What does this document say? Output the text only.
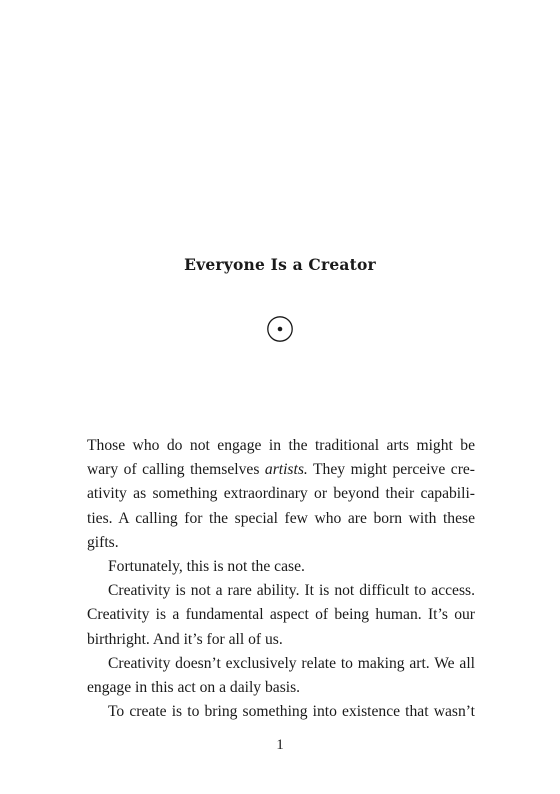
Everyone Is a Creator

Those who do not engage in the traditional arts might be
wary of calling themselves artists. They might perceive cre-
ativity as something extraordinary or beyond their capabili-
ties. A calling for the special few who are born with these
gifts.

Fortunately, this is not the case.

Creativity is not a rare ability. It is not difficult to access.
Creativity is a fundamental aspect of being human. It’s our
birthright. And it’s for all of us.

Creativity doesn’t exclusively relate to making art. We all
engage in this act on a daily basis.

To create is to bring something into existence that wasn’t

1
